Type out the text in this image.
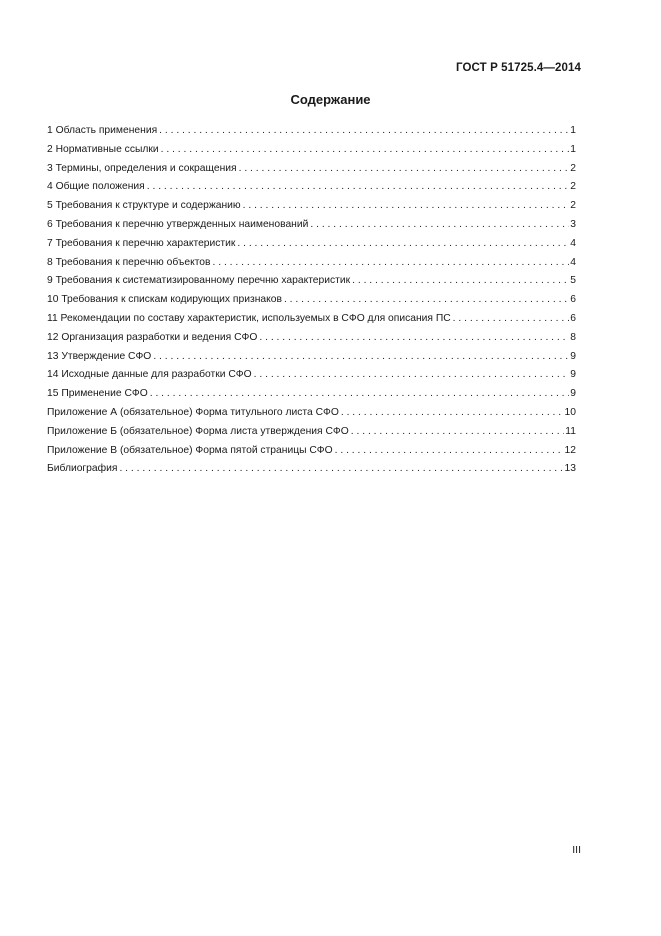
ГОСТ Р 51725.4—2014
Содержание
1 Область применения . . .	1
2 Нормативные ссылки . . .	1
3 Термины, определения и сокращения . . .	2
4 Общие положения . . .	2
5 Требования к структуре и содержанию . . .	2
6 Требования к перечню утвержденных наименований . . .	3
7 Требования к перечню характеристик . . .	4
8 Требования к перечню объектов . . .	4
9 Требования к систематизированному перечню характеристик . . .	5
10 Требования к спискам кодирующих признаков . . .	6
11 Рекомендации по составу характеристик, используемых в СФО для описания ПС . . .	6
12 Организация разработки и ведения СФО . . .	8
13 Утверждение СФО . . .	9
14 Исходные данные для разработки СФО . . .	9
15 Применение СФО . . .	9
Приложение А (обязательное) Форма титульного листа СФО . . .	10
Приложение Б (обязательное) Форма листа утверждения СФО . . .	11
Приложение В (обязательное) Форма пятой страницы СФО . . .	12
Библиография . . .	13
III
